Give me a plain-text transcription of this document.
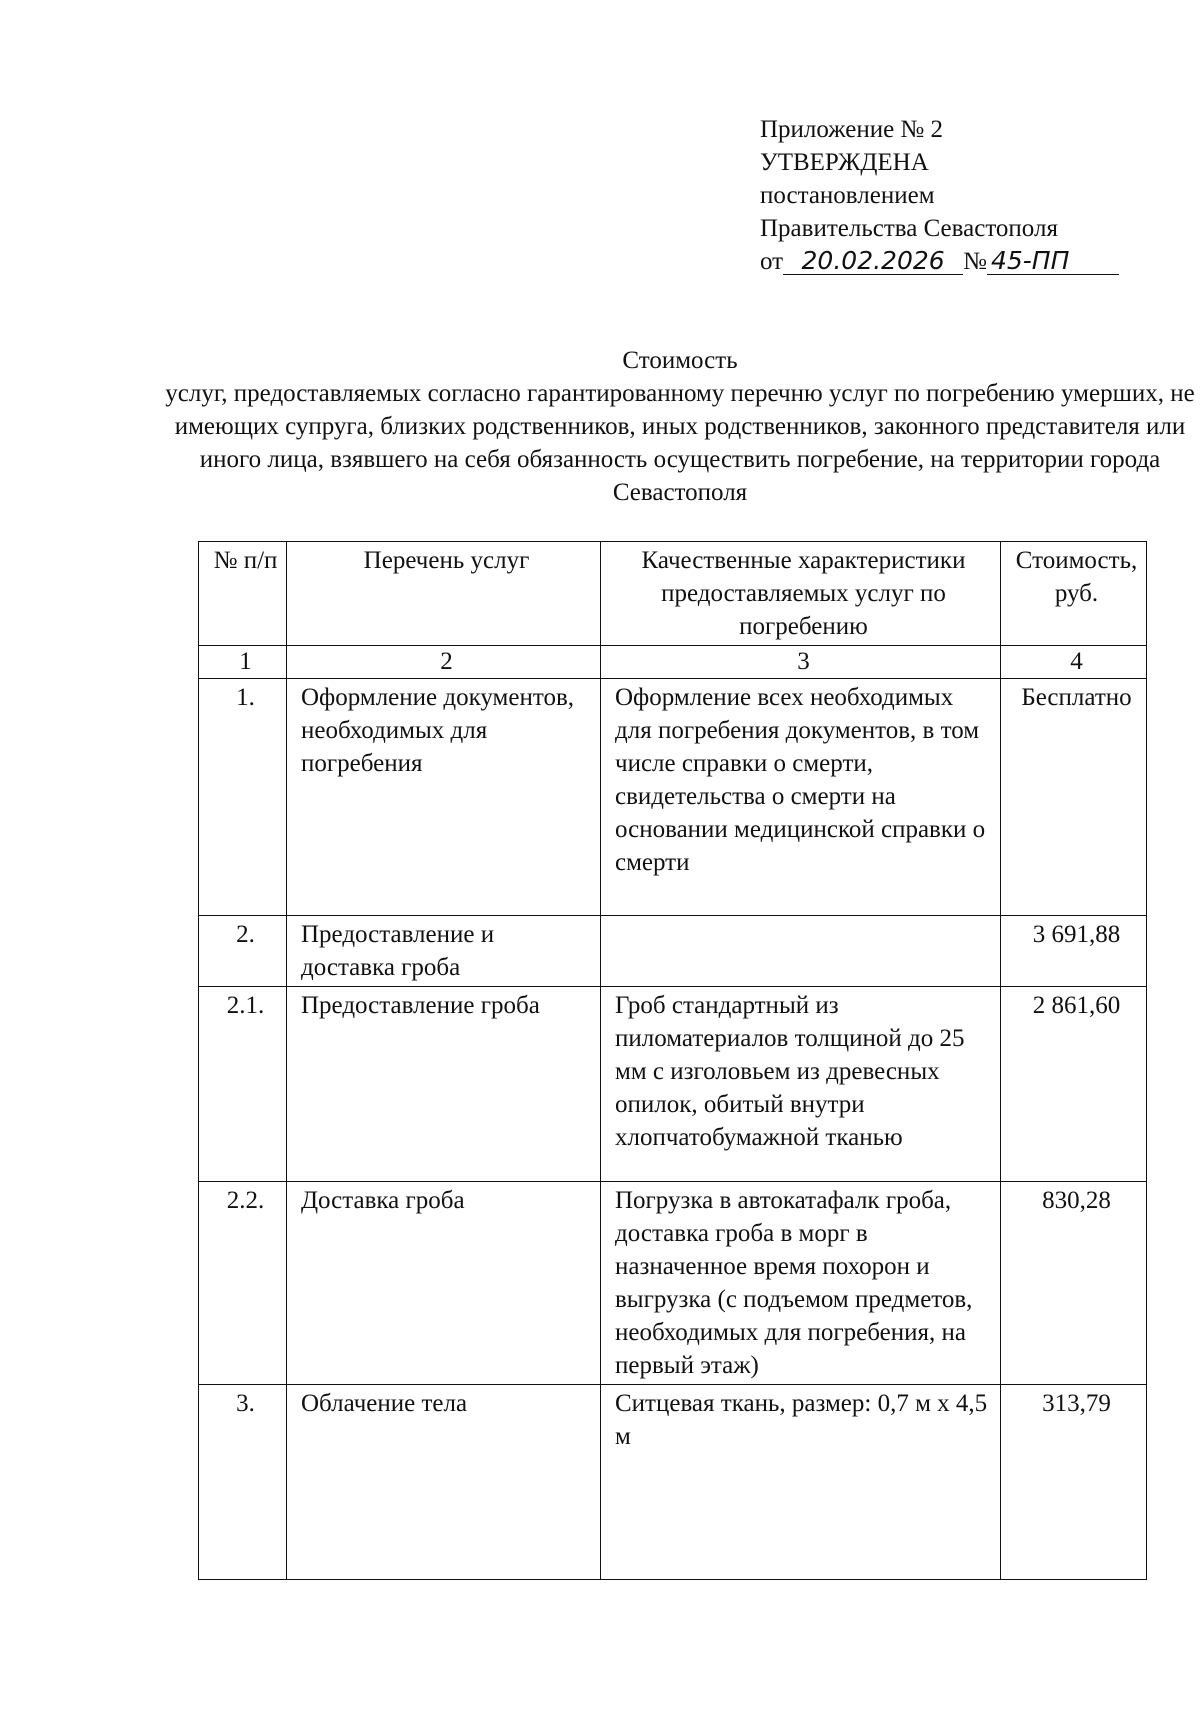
Приложение № 2
УТВЕРЖДЕНА
постановлением
Правительства Севастополя
от 20.02.2026 № 45-ПП
Стоимость
услуг, предоставляемых согласно гарантированному перечню услуг по погребению умерших, не имеющих супруга, близких родственников, иных родственников, законного представителя или иного лица, взявшего на себя обязанность осуществить погребение, на территории города Севастополя
№ п/п	Перечень услуг	Качественные характеристики предоставляемых услуг по погребению	Стоимость, руб.
1	2	3	4
1.	Оформление документов, необходимых для погребения	Оформление всех необходимых для погребения документов, в том числе справки о смерти, свидетельства о смерти на основании медицинской справки о смерти	Бесплатно
2.	Предоставление и доставка гроба		3 691,88
2.1.	Предоставление гроба	Гроб стандартный из пиломатериалов толщиной до 25 мм с изголовьем из древесных опилок, обитый внутри хлопчатобумажной тканью	2 861,60
2.2.	Доставка гроба	Погрузка в автокатафалк гроба, доставка гроба в морг в назначенное время похорон и выгрузка (с подъемом предметов, необходимых для погребения, на первый этаж)	830,28
3.	Облачение тела	Ситцевая ткань, размер: 0,7 м х 4,5 м	313,79
